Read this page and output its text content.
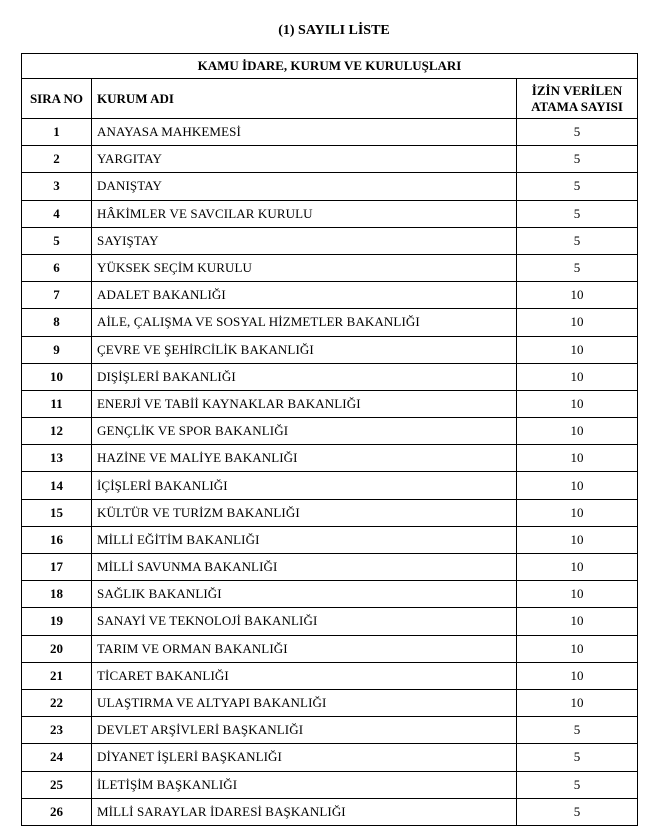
(1) SAYILI LİSTE
KAMU İDARE, KURUM VE KURULUŞLARI		
SIRA NO	KURUM ADI	İZİN VERİLEN
ATAMA SAYISI
1	ANAYASA MAHKEMESİ	5
2	YARGITAY	5
3	DANIŞTAY	5
4	HÂKİMLER VE SAVCILAR KURULU	5
5	SAYIŞTAY	5
6	YÜKSEK SEÇİM KURULU	5
7	ADALET BAKANLIĞI	10
8	AİLE, ÇALIŞMA VE SOSYAL HİZMETLER BAKANLIĞI	10
9	ÇEVRE VE ŞEHİRCİLİK BAKANLIĞI	10
10	DIŞİŞLERİ BAKANLIĞI	10
11	ENERJİ VE TABİİ KAYNAKLAR BAKANLIĞI	10
12	GENÇLİK VE SPOR BAKANLIĞI	10
13	HAZİNE VE MALİYE BAKANLIĞI	10
14	İÇİŞLERİ BAKANLIĞI	10
15	KÜLTÜR VE TURİZM BAKANLIĞI	10
16	MİLLİ EĞİTİM BAKANLIĞI	10
17	MİLLİ SAVUNMA BAKANLIĞI	10
18	SAĞLIK BAKANLIĞI	10
19	SANAYİ VE TEKNOLOJİ BAKANLIĞI	10
20	TARIM VE ORMAN BAKANLIĞI	10
21	TİCARET BAKANLIĞI	10
22	ULAŞTIRMA VE ALTYAPI BAKANLIĞI	10
23	DEVLET ARŞİVLERİ BAŞKANLIĞI	5
24	DİYANET İŞLERİ BAŞKANLIĞI	5
25	İLETİŞİM BAŞKANLIĞI	5
26	MİLLİ SARAYLAR İDARESİ BAŞKANLIĞI	5
